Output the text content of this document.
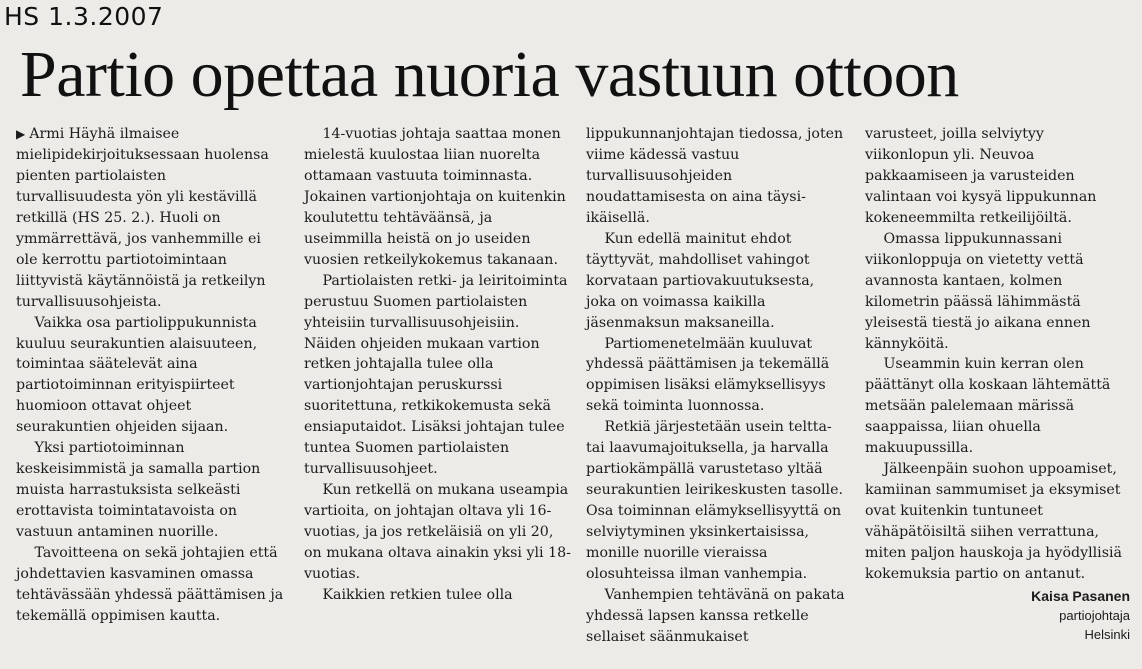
HS 1.3.2007
Partio opettaa nuoria vastuun ottoon

▶ Armi Häyhä ilmaisee mielipidekirjoituksessaan huolensa pienten partiolaisten turvallisuudesta yön yli kestävillä retkillä (HS 25. 2.). Huoli on ymmärrettävä, jos vanhemmille ei ole kerrottu partiotoimintaan liittyvistä käytännöistä ja retkeilyn turvallisuusohjeista.

Vaikka osa partiolippukunnista kuuluu seurakuntien alaisuuteen, toimintaa säätelevät aina partiotoiminnan erityispiirteet huomioon ottavat ohjeet seurakuntien ohjeiden sijaan.

Yksi partiotoiminnan keskeisimmistä ja samalla partion muista harrastuksista selkeästi erottavista toimintatavoista on vastuun antaminen nuorille.

Tavoitteena on sekä johtajien että johdettavien kasvaminen omassa tehtävässään yhdessä päättämisen ja tekemällä oppimisen kautta.

14-vuotias johtaja saattaa monen mielestä kuulostaa liian nuorelta ottamaan vastuuta toiminnasta. Jokainen vartionjohtaja on kuitenkin koulutettu tehtäväänsä, ja useimmilla heistä on jo useiden vuosien retkeilykokemus takanaan.

Partiolaisten retki- ja leiritoiminta perustuu Suomen partiolaisten yhteisiin turvallisuusohjeisiin. Näiden ohjeiden mukaan vartion retken johtajalla tulee olla vartionjohtajan peruskurssi suoritettuna, retkikokemusta sekä ensiaputaidot. Lisäksi johtajan tulee tuntea Suomen partiolaisten turvallisuusohjeet.

Kun retkellä on mukana useampia vartioita, on johtajan oltava yli 16-vuotias, ja jos retkeläisiä on yli 20, on mukana oltava ainakin yksi yli 18-vuotias.

Kaikkien retkien tulee olla

lippukunnanjohtajan tiedossa, joten viime kädessä vastuu turvallisuusohjeiden noudattamisesta on aina täysi-ikäisellä.

Kun edellä mainitut ehdot täyttyvät, mahdolliset vahingot korvataan partiovakuutuksesta, joka on voimassa kaikilla jäsenmaksun maksaneilla.

Partiomenetelmään kuuluvat yhdessä päättämisen ja tekemällä oppimisen lisäksi elämyksellisyys sekä toiminta luonnossa.

Retkiä järjestetään usein teltta- tai laavumajoituksella, ja harvalla partiokämpällä varustetaso yltää seurakuntien leirikeskusten tasolle. Osa toiminnan elämyksellisyyttä on selviytyminen yksinkertaisissa, monille nuorille vieraissa olosuhteissa ilman vanhempia.

Vanhempien tehtävänä on pakata yhdessä lapsen kanssa retkelle sellaiset säänmukaiset

varusteet, joilla selviytyy viikonlopun yli. Neuvoa pakkaamiseen ja varusteiden valintaan voi kysyä lippukunnan kokeneemmilta retkeilijöiltä.

Omassa lippukunnassani viikonloppuja on vietetty vettä avannosta kantaen, kolmen kilometrin päässä lähimmästä yleisestä tiestä jo aikana ennen kännyköitä.

Useammin kuin kerran olen päättänyt olla koskaan lähtemättä metsään palelemaan märissä saappaissa, liian ohuella makuupussilla.

Jälkeenpäin suohon uppoamiset, kamiinan sammumiset ja eksymiset ovat kuitenkin tuntuneet vähäpätöisiltä siihen verrattuna, miten paljon hauskoja ja hyödyllisiä kokemuksia partio on antanut.

Kaisa Pasanen
partiojohtaja
Helsinki
